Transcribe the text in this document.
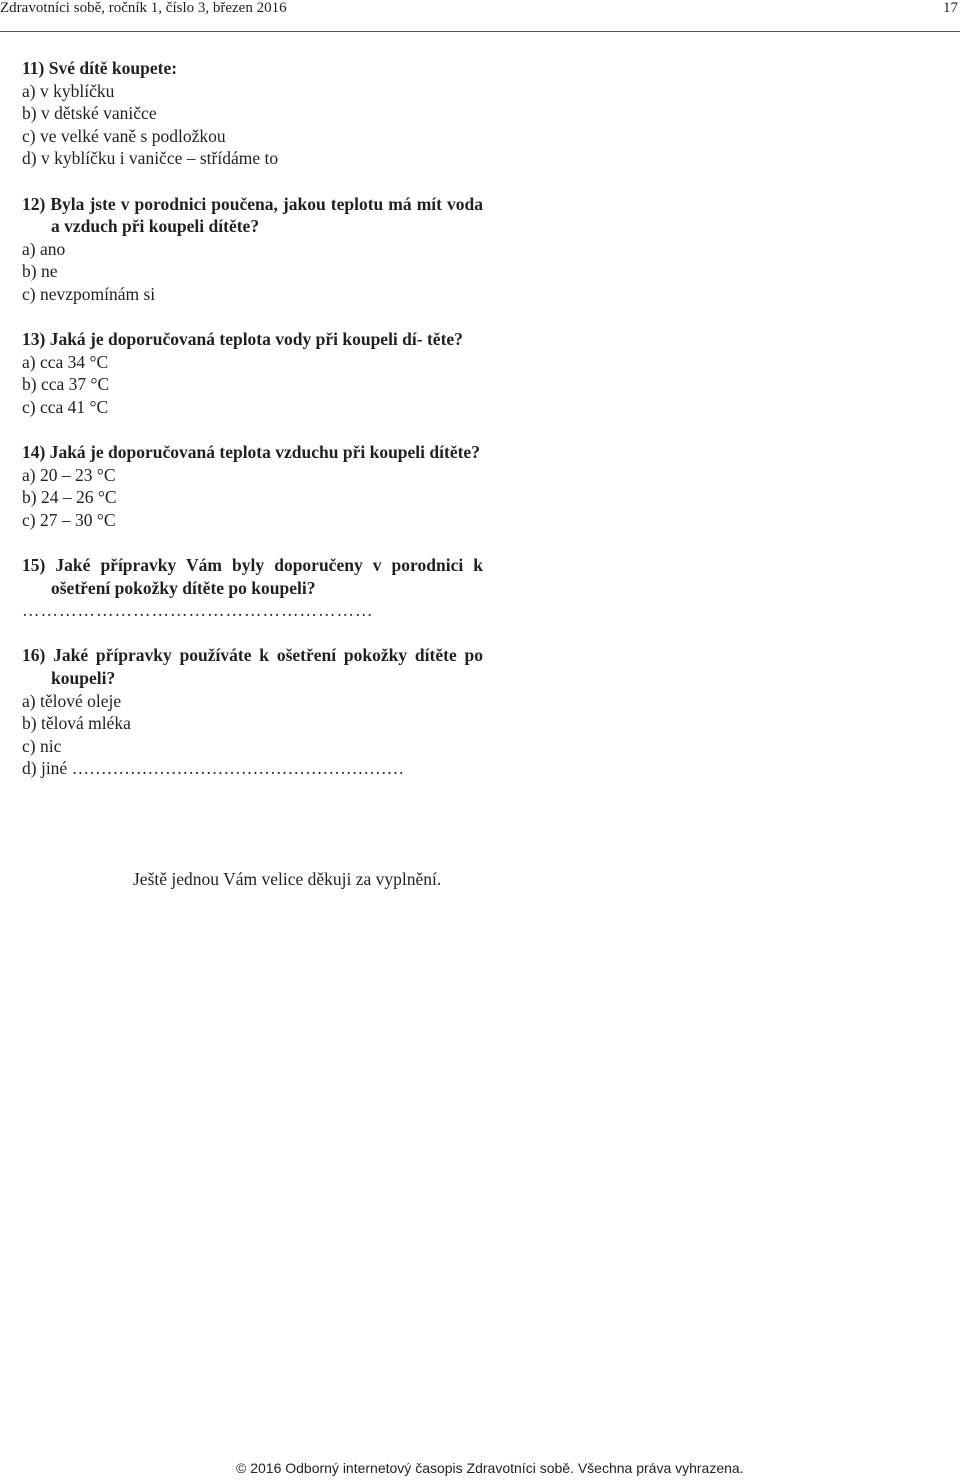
Zdravotníci sobě, ročník 1, číslo 3, březen 2016	17

11) Své dítě koupete:

a) v kyblíčku

b) v dětské vaničce

c) ve velké vaně s podložkou

d) v kyblíčku i vaničce – střídáme to

12) Byla jste v porodnici poučena, jakou teplotu má mít voda a vzduch při koupeli dítěte?

a) ano

b) ne

c) nevzpomínám si

13) Jaká je doporučovaná teplota vody při koupeli dí- těte?

a) cca 34 °C

b) cca 37 °C

c) cca 41 °C

14) Jaká je doporučovaná teplota vzduchu při koupeli dítěte?

a) 20 – 23 °C

b) 24 – 26 °C

c) 27 – 30 °C

15) Jaké přípravky Vám byly doporučeny v porodnici k ošetření pokožky dítěte po koupeli?

…………………………………………………

16) Jaké přípravky používáte k ošetření pokožky dítěte po koupeli?

a) tělové oleje

b) tělová mléka

c) nic

d) jiné …………………………………………………

Ještě jednou Vám velice děkuji za vyplnění.
© 2016 Odborný internetový časopis Zdravotníci sobě. Všechna práva vyhrazena.
